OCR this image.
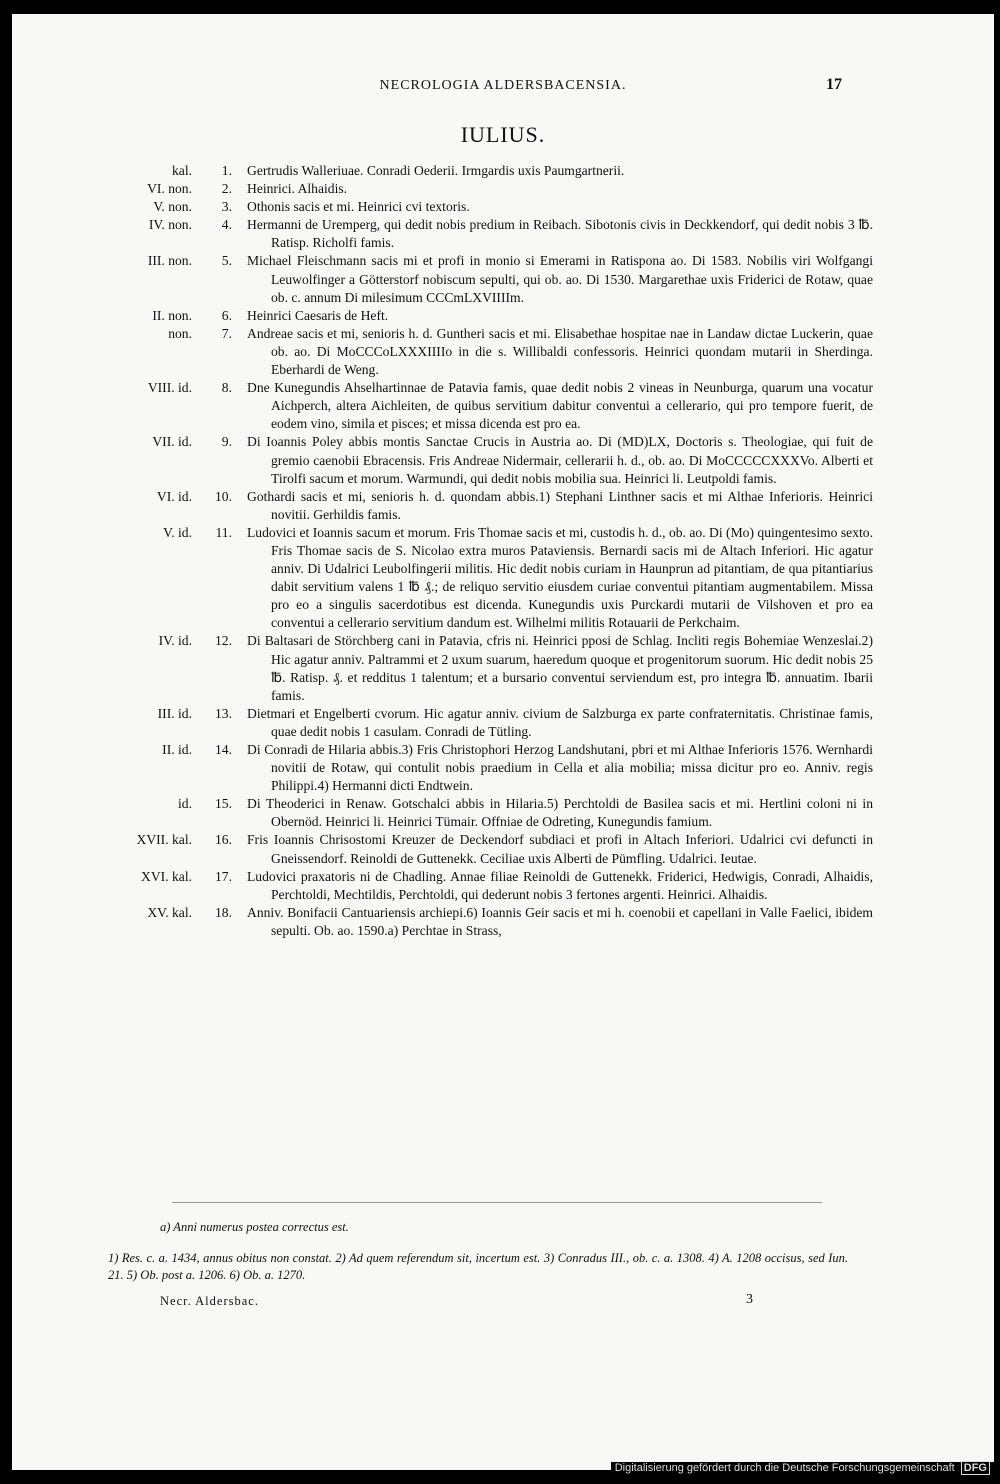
NECROLOGIA ALDERSBACENSIA.	17
IULIUS.
kal.	1. Gertrudis Walleriuae. Conradi Oederii. Irmgardis uxis Paumgartnerii.
VI. non.	2. Heinrici. Alhaidis.
V. non.	3. Othonis sacis et mi. Heinrici cvi textoris.
IV. non.	4. Hermanni de Uremperg, qui dedit nobis predium in Reibach. Sibotonis civis in Deckkendorf, qui dedit nobis 3 ℔. Ratisp. Richolfi famis.
III. non.	5. Michael Fleischmann sacis mi et profi in monio si Emerami in Ratispona ao. Di 1583. Nobilis viri Wolfgangi Leuwolfinger a Götterstorf nobiscum sepulti, qui ob. ao. Di 1530. Margarethae uxis Friderici de Rotaw, quae ob. c. annum Di milesimum CCCmLXVIIIIm.
II. non.	6. Heinrici Caesaris de Heft.
non.	7. Andreae sacis et mi, senioris h. d. Guntheri sacis et mi. Elisabethae hospitae nae in Landaw dictae Luckerin, quae ob. ao. Di MoCCCoLXXXIIIIo in die s. Willibaldi confessoris. Heinrici quondam mutarii in Sherdinga. Eberhardi de Weng.
VIII. id.	8. Dne Kunegundis Ahselhartinnae de Patavia famis, quae dedit nobis 2 vineas in Neunburga, quarum una vocatur Aichperch, altera Aichleiten, de quibus servitium dabitur conventui a cellerario, qui pro tempore fuerit, de eodem vino, simila et pisces; et missa dicenda est pro ea.
VII. id.	9. Di Ioannis Poley abbis montis Sanctae Crucis in Austria ao. Di (MD)LX, Doctoris s. Theologiae, qui fuit de gremio caenobii Ebracensis. Fris Andreae Nidermair, cellerarii h. d., ob. ao. Di MoCCCCCXXXVo. Alberti et Tirolfi sacum et morum. Warmundi, qui dedit nobis mobilia sua. Heinrici li. Leutpoldi famis.
VI. id.	10. Gothardi sacis et mi, senioris h. d. quondam abbis.1) Stephani Linthner sacis et mi Althae Inferioris. Heinrici novitii. Gerhildis famis.
V. id.	11. Ludovici et Ioannis sacum et morum. Fris Thomae sacis et mi, custodis h. d., ob. ao. Di (Mo) quingentesimo sexto. Fris Thomae sacis de S. Nicolao extra muros Pataviensis. Bernardi sacis mi de Altach Inferiori. Hic agatur anniv. Di Udalrici Leubolfingerii militis. Hic dedit nobis curiam in Haunprun ad pitantiam, de qua pitantiarius dabit servitium valens 1 ℔ ₰.; de reliquo servitio eiusdem curiae conventui pitantiam augmentabilem. Missa pro eo a singulis sacerdotibus est dicenda. Kunegundis uxis Purckardi mutarii de Vilshoven et pro ea conventui a cellerario servitium dandum est. Wilhelmi militis Rotauarii de Perkchaim.
IV. id.	12. Di Baltasari de Störchberg cani in Patavia, cfris ni. Heinrici pposi de Schlag. Incliti regis Bohemiae Wenzeslai.2) Hic agatur anniv. Paltrammi et 2 uxum suarum, haeredum quoque et progenitorum suorum. Hic dedit nobis 25 ℔. Ratisp. ₰. et redditus 1 talentum; et a bursario conventui serviendum est, pro integra ℔. annuatim. Ibarii famis.
III. id.	13. Dietmari et Engelberti cvorum. Hic agatur anniv. civium de Salzburga ex parte confraternitatis. Christinae famis, quae dedit nobis 1 casulam. Conradi de Tütling.
II. id.	14. Di Conradi de Hilaria abbis.3) Fris Christophori Herzog Landshutani, pbri et mi Althae Inferioris 1576. Wernhardi novitii de Rotaw, qui contulit nobis praedium in Cella et alia mobilia; missa dicitur pro eo. Anniv. regis Philippi.4) Hermanni dicti Endtwein.
id.	15. Di Theoderici in Renaw. Gotschalci abbis in Hilaria.5) Perchtoldi de Basilea sacis et mi. Hertlini coloni ni in Obernöd. Heinrici li. Heinrici Tümair. Offniae de Odreting, Kunegundis famium.
XVII. kal.	16. Fris Ioannis Chrisostomi Kreuzer de Deckendorf subdiaci et profi in Altach Inferiori. Udalrici cvi defuncti in Gneissendorf. Reinoldi de Guttenekk. Ceciliae uxis Alberti de Pümfling. Udalrici. Ieutae.
XVI. kal.	17. Ludovici praxatoris ni de Chadling. Annae filiae Reinoldi de Guttenekk. Friderici, Hedwigis, Conradi, Alhaidis, Perchtoldi, Mechtildis, Perchtoldi, qui dederunt nobis 3 fertones argenti. Heinrici. Alhaidis.
XV. kal.	18. Anniv. Bonifacii Cantuariensis archiepi.6) Ioannis Geir sacis et mi h. coenobii et capellani in Valle Faelici, ibidem sepulti. Ob. ao. 1590.a) Perchtae in Strass,
a) Anni numerus postea correctus est.
1) Res. c. a. 1434, annus obitus non constat. 2) Ad quem referendum sit, incertum est. 3) Conradus III., ob. c. a. 1308. 4) A. 1208 occisus, sed Iun. 21. 5) Ob. post a. 1206. 6) Ob. a. 1270.
Necr. Aldersbac.	3
Digitalisierung gefördert durch die Deutsche Forschungsgemeinschaft DFG
